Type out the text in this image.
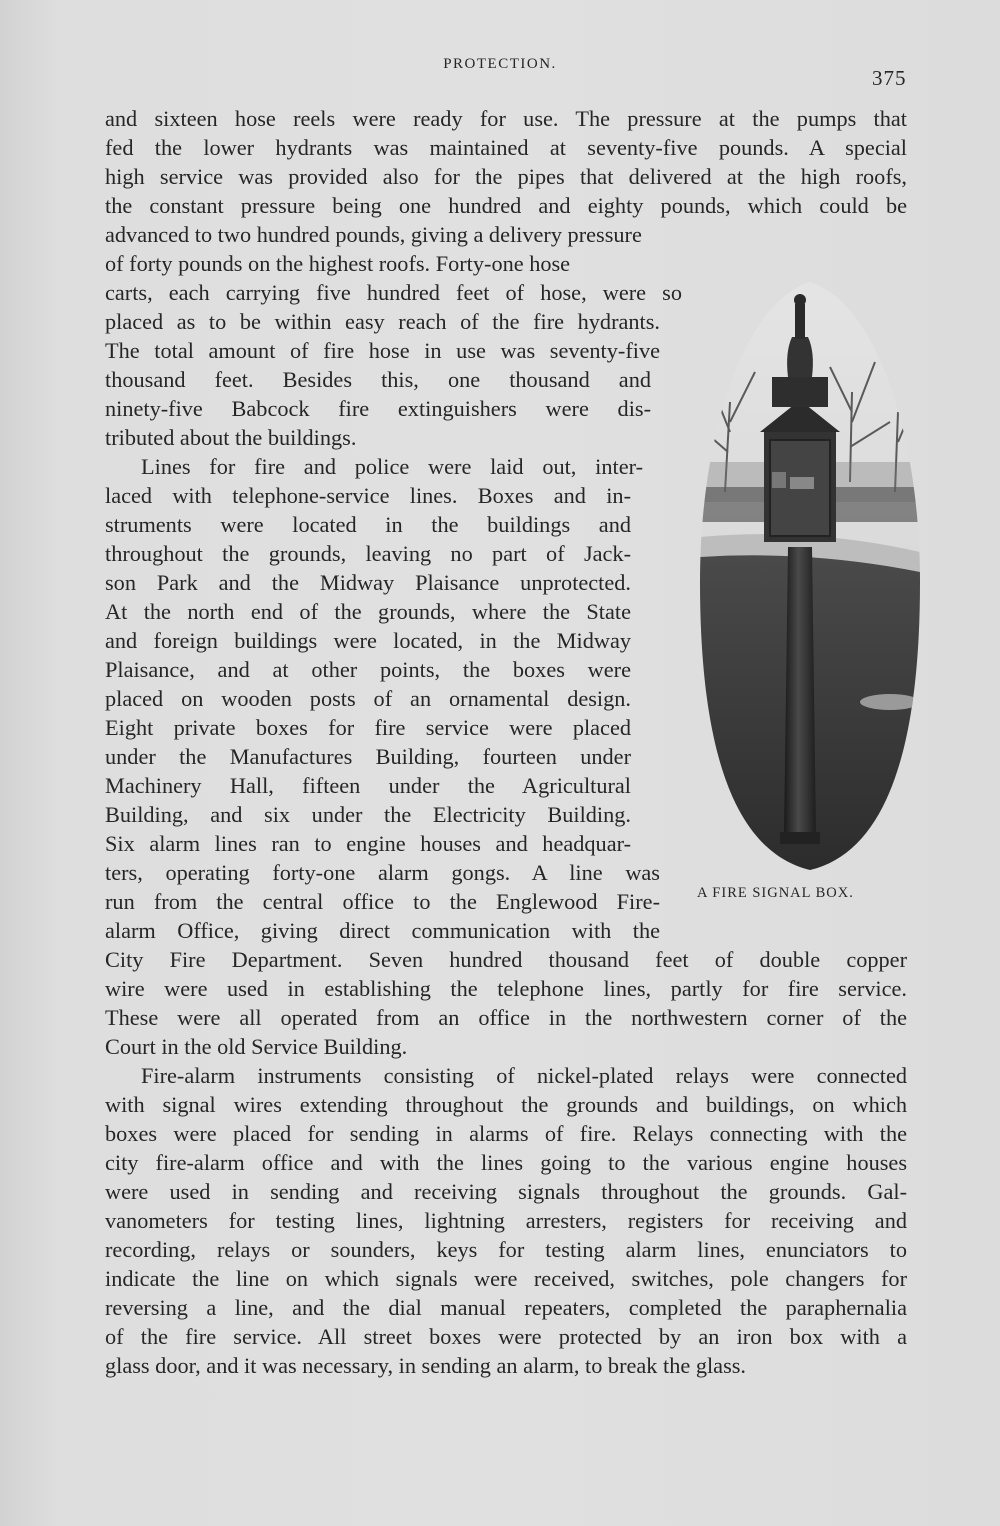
PROTECTION.
375
and sixteen hose reels were ready for use. The pressure at the pumps that
fed the lower hydrants was maintained at seventy-five pounds. A special
high service was provided also for the pipes that delivered at the high roofs,
the constant pressure being one hundred and eighty pounds, which could be
advanced to two hundred pounds, giving a delivery pressure
of forty pounds on the highest roofs. Forty-one hose
carts, each carrying five hundred feet of hose, were so
placed as to be within easy reach of the fire hydrants.
The total amount of fire hose in use was seventy-five
thousand feet. Besides this, one thousand and
ninety-five Babcock fire extinguishers were dis-
tributed about the buildings.
Lines for fire and police were laid out, inter-
laced with telephone-service lines. Boxes and in-
struments were located in the buildings and
throughout the grounds, leaving no part of Jack-
son Park and the Midway Plaisance unprotected.
At the north end of the grounds, where the State
and foreign buildings were located, in the Midway
Plaisance, and at other points, the boxes were
placed on wooden posts of an ornamental design.
Eight private boxes for fire service were placed
under the Manufactures Building, fourteen under
Machinery Hall, fifteen under the Agricultural
Building, and six under the Electricity Building.
Six alarm lines ran to engine houses and headquar-
ters, operating forty-one alarm gongs. A line was
run from the central office to the Englewood Fire-
alarm Office, giving direct communication with the
City Fire Department. Seven hundred thousand feet of double copper
wire were used in establishing the telephone lines, partly for fire service.
These were all operated from an office in the northwestern corner of the
Court in the old Service Building.
Fire-alarm instruments consisting of nickel-plated relays were connected
with signal wires extending throughout the grounds and buildings, on which
boxes were placed for sending in alarms of fire. Relays connecting with the
city fire-alarm office and with the lines going to the various engine houses
were used in sending and receiving signals throughout the grounds. Gal-
vanometers for testing lines, lightning arresters, registers for receiving and
recording, relays or sounders, keys for testing alarm lines, enunciators to
indicate the line on which signals were received, switches, pole changers for
reversing a line, and the dial manual repeaters, completed the paraphernalia
of the fire service. All street boxes were protected by an iron box with a
glass door, and it was necessary, in sending an alarm, to break the glass.
A FIRE SIGNAL BOX.
